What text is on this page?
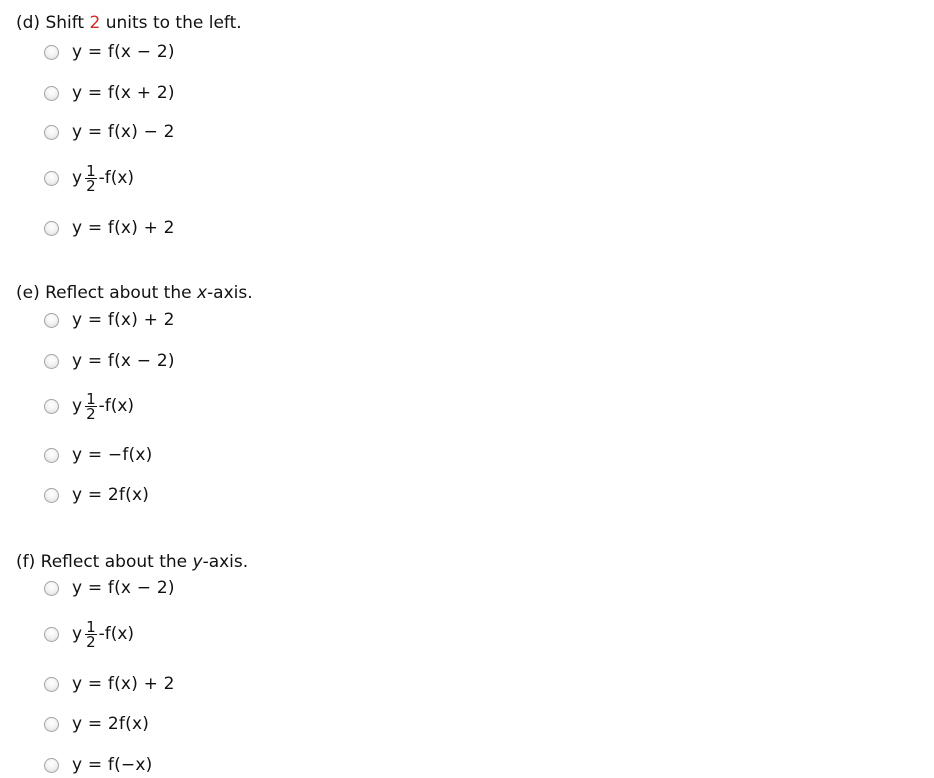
(d) Shift 2 units to the left.
y = f(x − 2)
y = f(x + 2)
y = f(x) − 2
y $\frac{1}{2} -f(x)$
y = f(x) + 2
(e) Reflect about the x-axis.
y = f(x) + 2
y = f(x − 2)
y $\frac{1}{2} -f(x)$
y = −f(x)
y = 2f(x)
(f) Reflect about the y-axis.
y = f(x − 2)
y $\frac{1}{2} -f(x)$
y = f(x) + 2
y = 2f(x)
y = f(−x)
